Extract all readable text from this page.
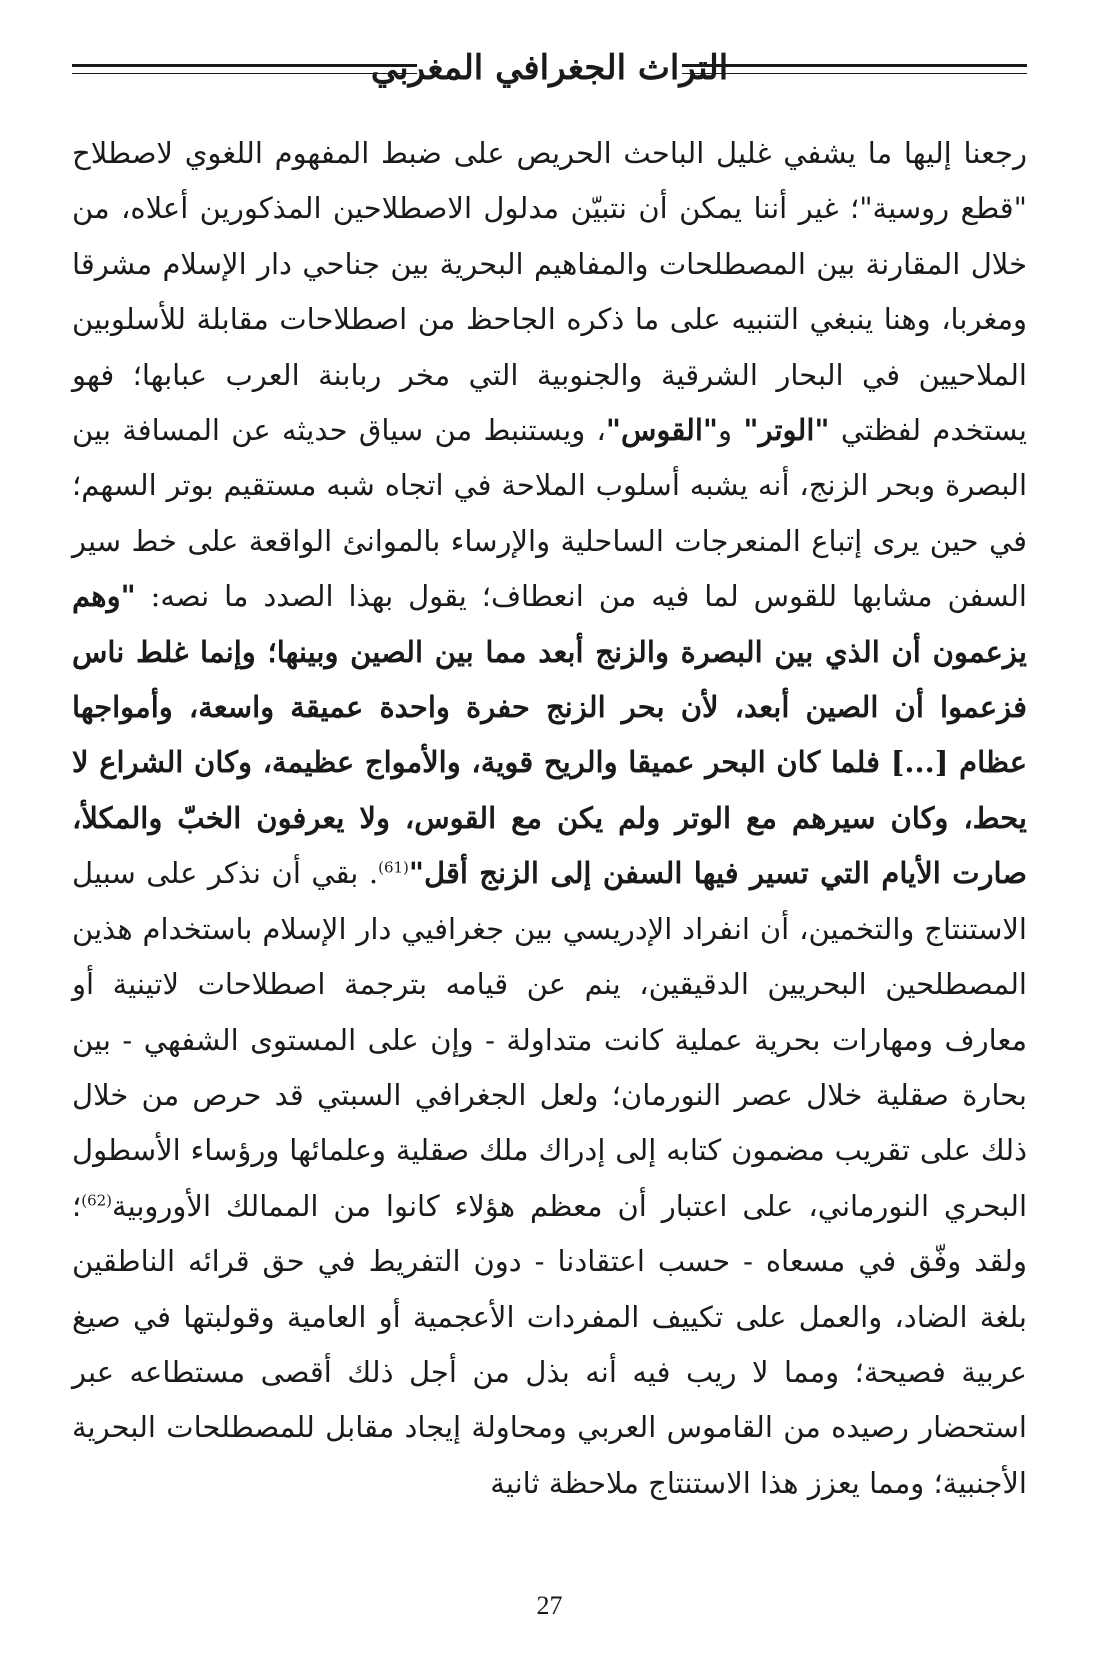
التراث الجغرافي المغربي

رجعنا إليها ما يشفي غليل الباحث الحريص على ضبط المفهوم اللغوي لاصطلاح "قطع روسية"؛ غير أننا يمكن أن نتبيّن مدلول الاصطلاحين المذكورين أعلاه، من خلال المقارنة بين المصطلحات والمفاهيم البحرية بين جناحي دار الإسلام مشرقا ومغربا، وهنا ينبغي التنبيه على ما ذكره الجاحظ من اصطلاحات مقابلة للأسلوبين الملاحيين في البحار الشرقية والجنوبية التي مخر ربابنة العرب عبابها؛ فهو يستخدم لفظتي "الوتر" و"القوس"، ويستنبط من سياق حديثه عن المسافة بين البصرة وبحر الزنج، أنه يشبه أسلوب الملاحة في اتجاه شبه مستقيم بوتر السهم؛ في حين يرى إتباع المنعرجات الساحلية والإرساء بالموانئ الواقعة على خط سير السفن مشابها للقوس لما فيه من انعطاف؛ يقول بهذا الصدد ما نصه: "وهم يزعمون أن الذي بين البصرة والزنج أبعد مما بين الصين وبينها؛ وإنما غلط ناس فزعموا أن الصين أبعد، لأن بحر الزنج حفرة واحدة عميقة واسعة، وأمواجها عظام [...] فلما كان البحر عميقا والريح قوية، والأمواج عظيمة، وكان الشراع لا يحط، وكان سيرهم مع الوتر ولم يكن مع القوس، ولا يعرفون الخبّ والمكلأ، صارت الأيام التي تسير فيها السفن إلى الزنج أقل"$^{(61)}$. بقي أن نذكر على سبيل الاستنتاج والتخمين، أن انفراد الإدريسي بين جغرافيي دار الإسلام باستخدام هذين المصطلحين البحريين الدقيقين، ينم عن قيامه بترجمة اصطلاحات لاتينية أو معارف ومهارات بحرية عملية كانت متداولة - وإن على المستوى الشفهي - بين بحارة صقلية خلال عصر النورمان؛ ولعل الجغرافي السبتي قد حرص من خلال ذلك على تقريب مضمون كتابه إلى إدراك ملك صقلية وعلمائها ورؤساء الأسطول البحري النورماني، على اعتبار أن معظم هؤلاء كانوا من الممالك الأوروبية$^{(62)}$؛ ولقد وفّق في مسعاه - حسب اعتقادنا - دون التفريط في حق قرائه الناطقين بلغة الضاد، والعمل على تكييف المفردات الأعجمية أو العامية وقولبتها في صيغ عربية فصيحة؛ ومما لا ريب فيه أنه بذل من أجل ذلك أقصى مستطاعه عبر استحضار رصيده من القاموس العربي ومحاولة إيجاد مقابل للمصطلحات البحرية الأجنبية؛ ومما يعزز هذا الاستنتاج ملاحظة ثانية

27
